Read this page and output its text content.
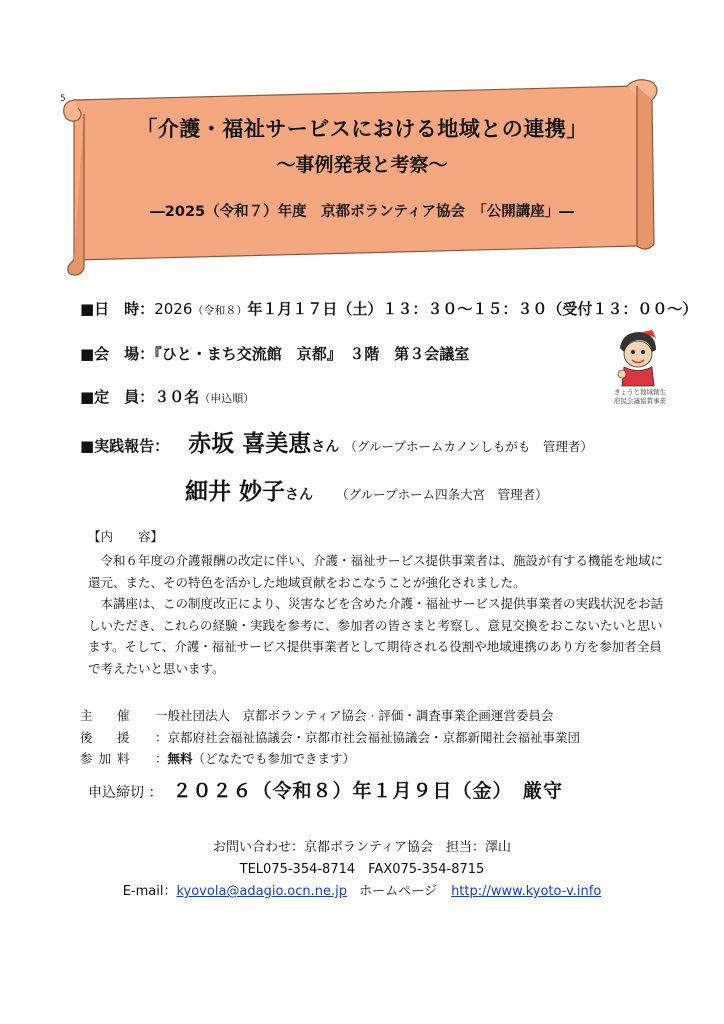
5
「介護・福祉サービスにおける地域との連携」
～事例発表と考察～
―2025（令和７）年度　京都ボランティア協会　「公開講座」―
■日　時：2026（令和８）年１月１７日（土）１３：３０～１５：３０（受付１３：００～）
■会　場：『ひと・まち交流館　京都』　３階　第３会議室
■定　員：３０名（申込順）	きょうと地域創生
府民会議協賛事業
■実践報告： 赤坂 喜美恵さん （グループホームカノンしもがも　管理者）
細井 妙子さん （グループホーム四条大宮　管理者）
【内　　容】

令和６年度の介護報酬の改定に伴い、介護・福祉サービス提供事業者は、施設が有する機能を地域に還元、また、その特色を活かした地域貢献をおこなうことが強化されました。

本講座は、この制度改正により、災害などを含めた介護・福祉サービス提供事業者の実践状況をお話しいただき、これらの経験・実践を参考に、参加者の皆さまと考察し、意見交換をおこないたいと思います。そして、介護・福祉サービス提供事業者として期待される役割や地域連携のあり方を参加者全員で考えたいと思います。

主　催 一般社団法人　京都ボランティア協会 · 評価・調査事業企画運営委員会
後　援 ：京都府社会福祉協議会・京都市社会福祉協議会・京都新聞社会福祉事業団
参加料 ：無料（どなたでも参加できます）
申込締切 ： ２０２６（令和８）年１月９日（金）　厳守
お問い合わせ：京都ボランティア協会　担当：澤山
TEL075-354-8714　FAX075-354-8715
E-mail：kyovola@adagio.ocn.ne.jp ホームページ http://www.kyoto-v.info
